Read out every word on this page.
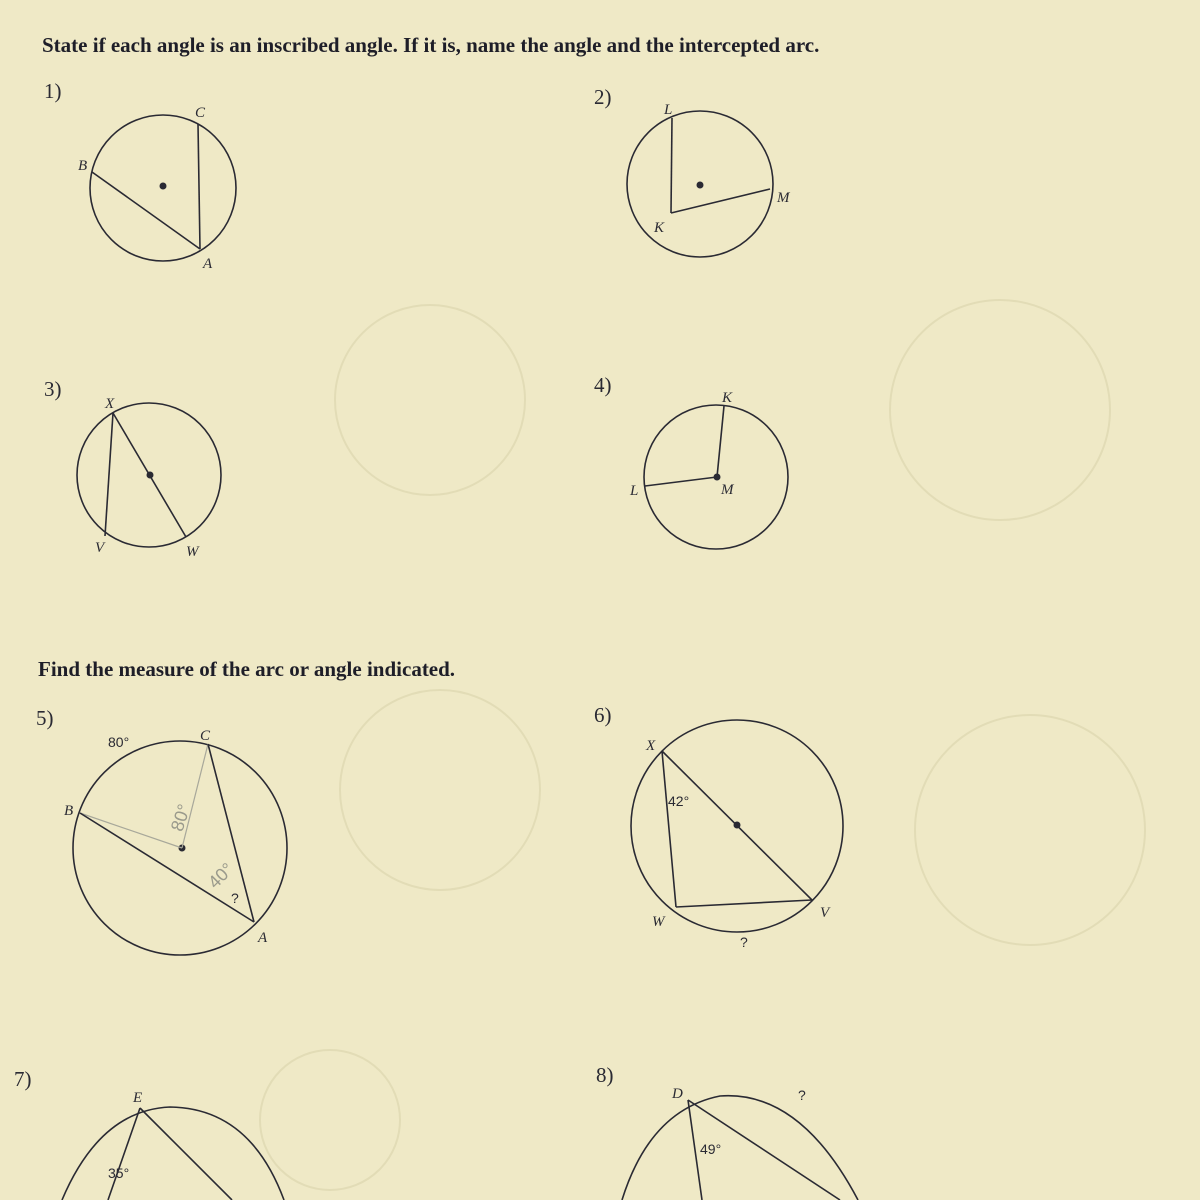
State if each angle is an inscribed angle. If it is, name the angle and the intercepted arc.
1)
B
C
A
2)
L
K
M
3)
X
V	W
4)
K
L	M
Find the measure of the arc or angle indicated.
5)
80°	C
B
A
?
80°
40°
6)
X
W
V
42°
?
7)
E
35°
8)
D
49°
?
